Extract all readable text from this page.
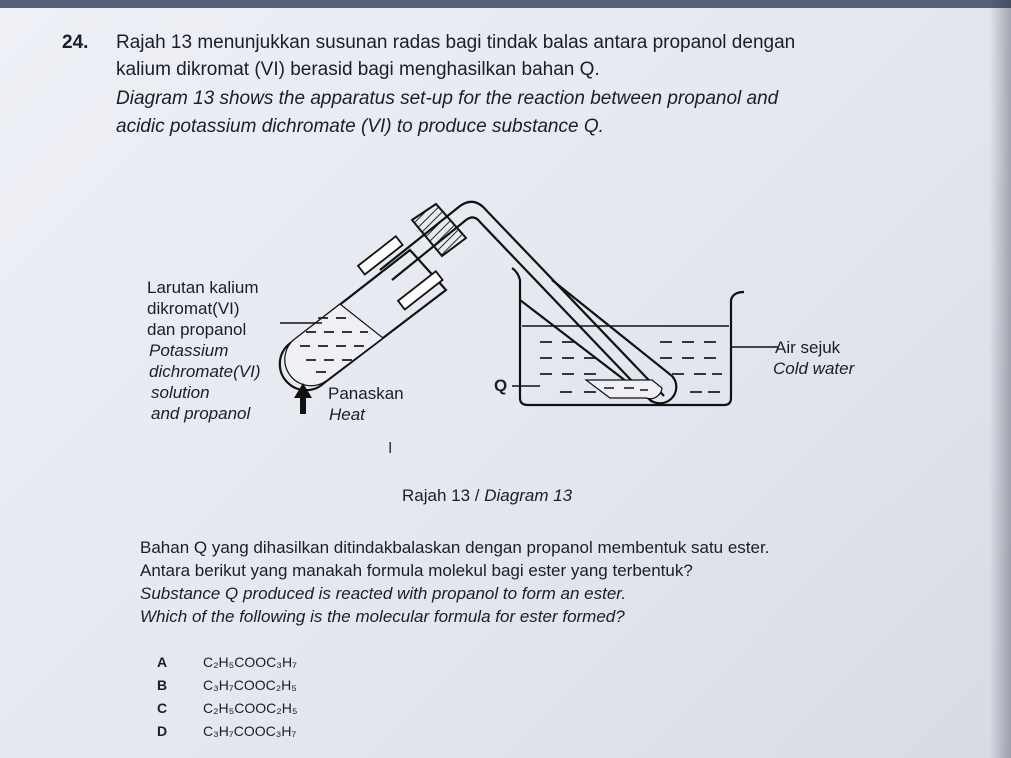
24. Rajah 13 menunjukkan susunan radas bagi tindak balas antara propanol dengan
kalium dikromat (VI) berasid bagi menghasilkan bahan Q.
Diagram 13 shows the apparatus set-up for the reaction between propanol and
acidic potassium dichromate (VI) to produce substance Q.
Larutan kalium
dikromat(VI)
dan propanol
Potassium
dichromate(VI)
solution
and propanol
Panaskan
Heat
Q
Air sejuk
Cold water
I
Rajah 13 / Diagram 13
Bahan Q yang dihasilkan ditindakbalaskan dengan propanol membentuk satu ester.
Antara berikut yang manakah formula molekul bagi ester yang terbentuk?
Substance Q produced is reacted with propanol to form an ester.
Which of the following is the molecular formula for ester formed?
A	C₂H₅COOC₃H₇
B	C₃H₇COOC₂H₅
C	C₂H₅COOC₂H₅
D	C₃H₇COOC₃H₇
